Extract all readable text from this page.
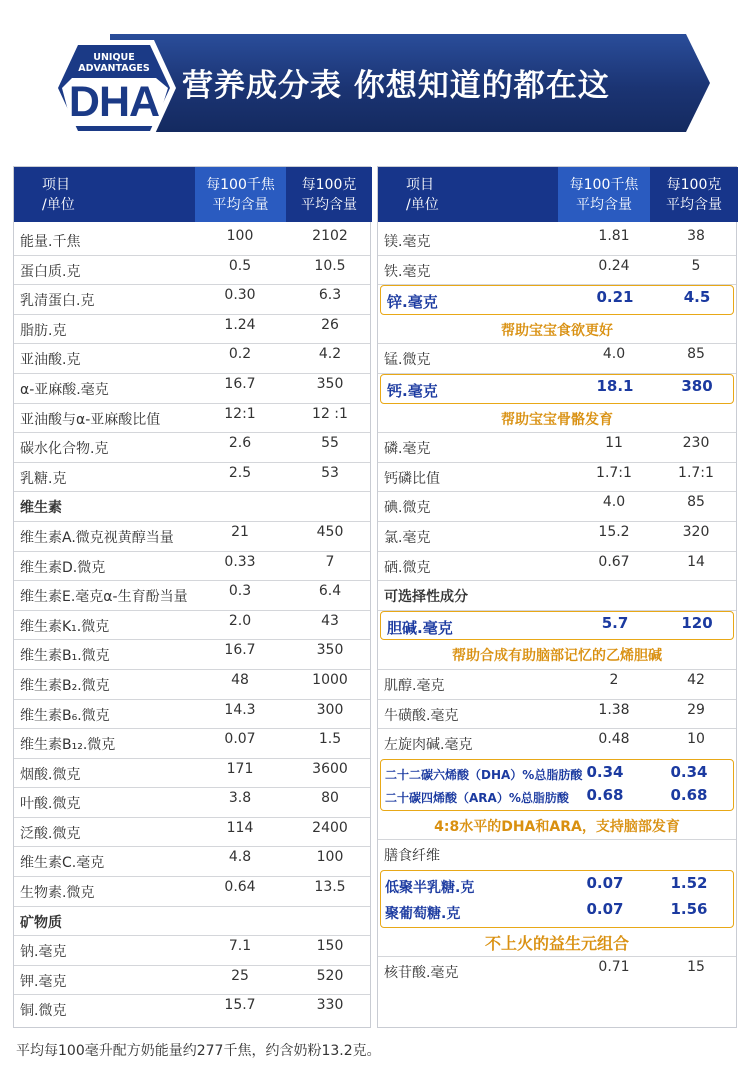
营养成分表 你想知道的都在这
UNIQUE
ADVANTAGES
DHA
项目
/单位
每100千焦
平均含量
每100克
平均含量
能量.千焦	100	2102
蛋白质.克	0.5	10.5
乳清蛋白.克	0.30	6.3
脂肪.克	1.24	26
亚油酸.克	0.2	4.2
α-亚麻酸.毫克	16.7	350
亚油酸与α-亚麻酸比值	12:1	12 :1
碳水化合物.克	2.6	55
乳糖.克	2.5	53
维生素
维生素A.微克视黄醇当量	21	450
维生素D.微克	0.33	7
维生素E.毫克α-生育酚当量	0.3	6.4
维生素K₁.微克	2.0	43
维生素B₁.微克	16.7	350
维生素B₂.微克	48	1000
维生素B₆.微克	14.3	300
维生素B₁₂.微克	0.07	1.5
烟酸.微克	171	3600
叶酸.微克	3.8	80
泛酸.微克	114	2400
维生素C.毫克	4.8	100
生物素.微克	0.64	13.5
矿物质
钠.毫克	7.1	150
钾.毫克	25	520
铜.微克	15.7	330
项目
/单位
每100千焦
平均含量
每100克
平均含量
镁.毫克	1.81	38
铁.毫克	0.24	5
锌.毫克	0.21	4.5
帮助宝宝食欲更好
锰.微克	4.0	85
钙.毫克	18.1	380
帮助宝宝骨骼发育
磷.毫克	11	230
钙磷比值	1.7:1	1.7:1
碘.微克	4.0	85
氯.毫克	15.2	320
硒.微克	0.67	14
可选择性成分
胆碱.毫克	5.7	120
帮助合成有助脑部记忆的乙烯胆碱
肌醇.毫克	2	42
牛磺酸.毫克	1.38	29
左旋肉碱.毫克	0.48	10
二十二碳六烯酸（DHA）%总脂肪酸 0.34	0.34
二十碳四烯酸（ARA）%总脂肪酸	0.68	0.68
4:8水平的DHA和ARA，支持脑部发育
膳食纤维
低聚半乳糖.克	0.07	1.52
聚葡萄糖.克	0.07	1.56
不上火的益生元组合
核苷酸.毫克	0.71	15
平均每100毫升配方奶能量约277千焦，约含奶粉13.2克。
